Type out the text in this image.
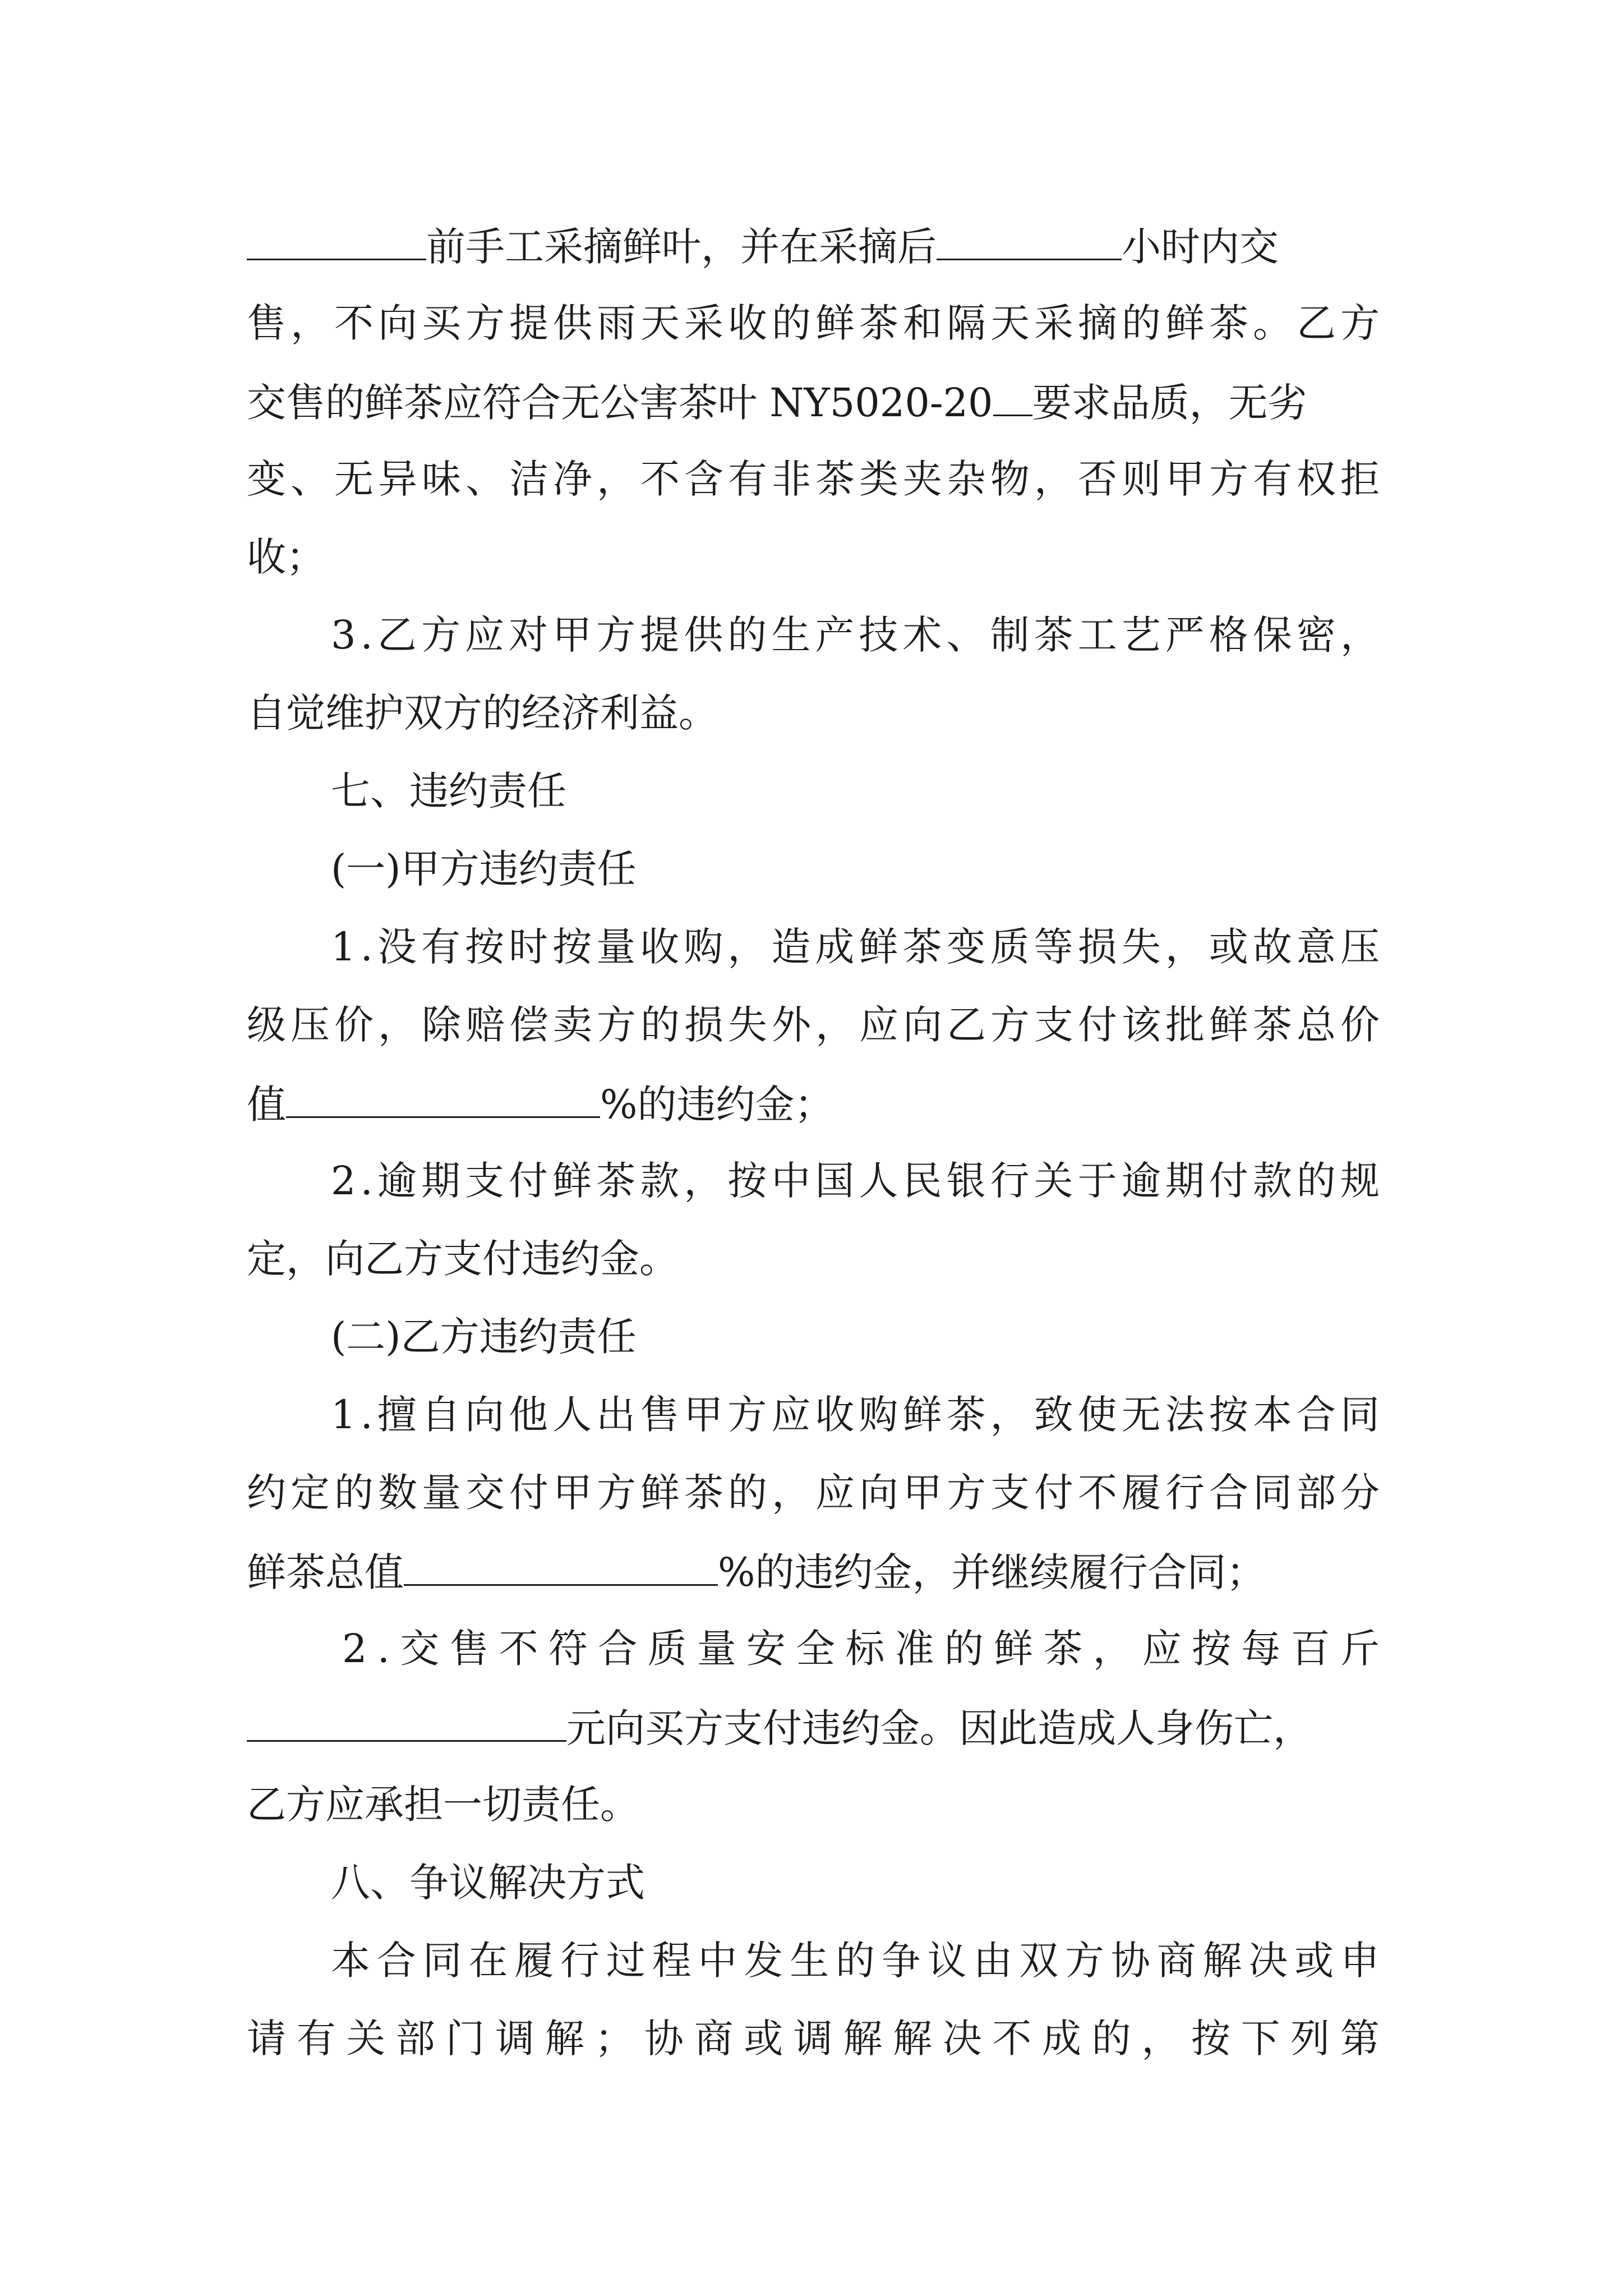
前手工采摘鲜叶，并在采摘后	小时内交
售 ， 不 向 买 方 提 供 雨 天 采 收 的 鲜 茶 和 隔 天 采 摘 的 鲜 茶 。 乙 方
交售的鲜茶应符合无公害茶叶 NY5020-20 要求品质，无劣
变 、 无 异 味 、 洁 净 ， 不 含 有 非 茶 类 夹 杂 物 ， 否 则 甲 方 有 权 拒
收；
3 . 乙 方 应 对 甲 方 提 供 的 生 产 技 术 、 制 茶 工 艺 严 格 保 密 ，
自觉维护双方的经济利益。
七、违约责任
(一)甲方违约责任
1 . 没 有 按 时 按 量 收 购 ， 造 成 鲜 茶 变 质 等 损 失 ， 或 故 意 压
级 压 价 ， 除 赔 偿 卖 方 的 损 失 外 ， 应 向 乙 方 支 付 该 批 鲜 茶 总 价
值	%的违约金；
2 . 逾 期 支 付 鲜 茶 款 ， 按 中 国 人 民 银 行 关 于 逾 期 付 款 的 规
定，向乙方支付违约金。
(二)乙方违约责任
1 . 擅 自 向 他 人 出 售 甲 方 应 收 购 鲜 茶 ， 致 使 无 法 按 本 合 同
约 定 的 数 量 交 付 甲 方 鲜 茶 的 ， 应 向 甲 方 支 付 不 履 行 合 同 部 分
鲜茶总值	%的违约金，并继续履行合同；
2 . 交 售 不 符 合 质 量 安 全 标 准 的 鲜 茶 ， 应 按 每 百 斤
元向买方支付违约金。因此造成人身伤亡，
乙方应承担一切责任。
八、争议解决方式
本 合 同 在 履 行 过 程 中 发 生 的 争 议 由 双 方 协 商 解 决 或 申
请 有 关 部 门 调 解 ； 协 商 或 调 解 解 决 不 成 的 ， 按 下 列 第
